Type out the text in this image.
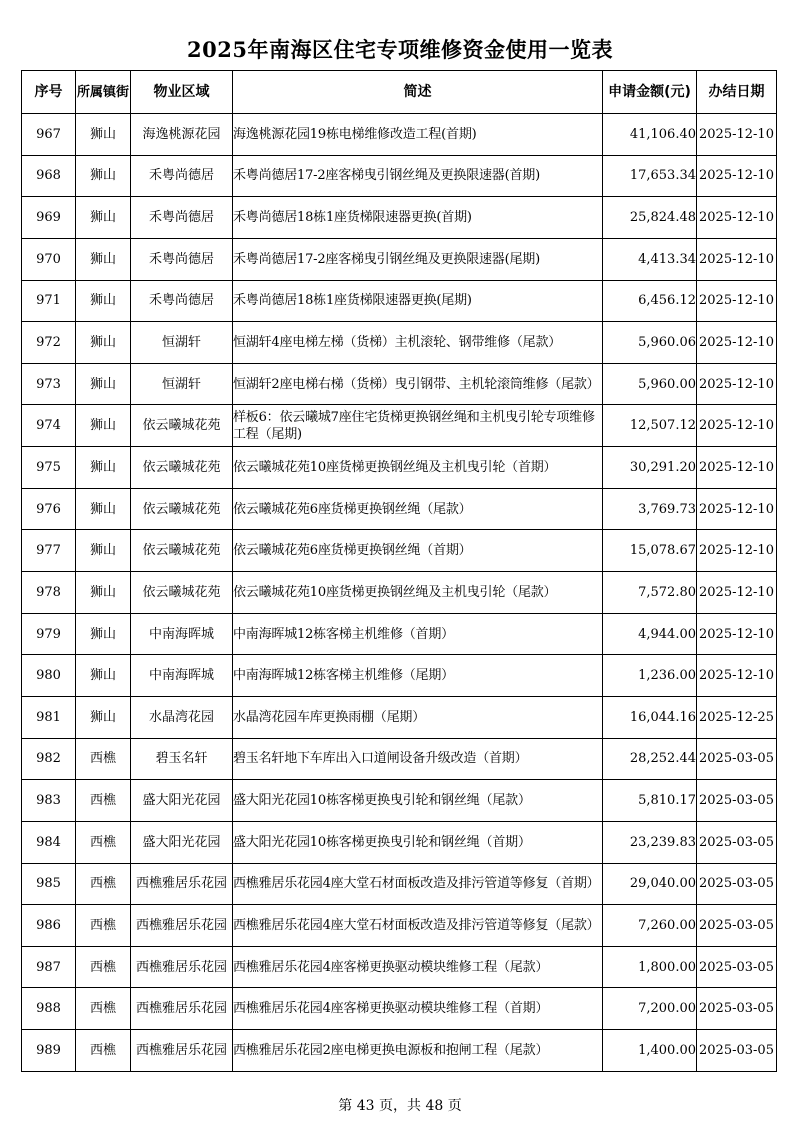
2025年南海区住宅专项维修资金使用一览表
序号	所属镇街	物业区域	简述	申请金额(元)	办结日期
967	狮山	海逸桃源花园	海逸桃源花园19栋电梯维修改造工程(首期)	41,106.40	2025-12-10
968	狮山	禾粤尚德居	禾粤尚德居17-2座客梯曳引钢丝绳及更换限速器(首期)	17,653.34	2025-12-10
969	狮山	禾粤尚德居	禾粤尚德居18栋1座货梯限速器更换(首期)	25,824.48	2025-12-10
970	狮山	禾粤尚德居	禾粤尚德居17-2座客梯曳引钢丝绳及更换限速器(尾期)	4,413.34	2025-12-10
971	狮山	禾粤尚德居	禾粤尚德居18栋1座货梯限速器更换(尾期)	6,456.12	2025-12-10
972	狮山	恒湖轩	恒湖轩4座电梯左梯（货梯）主机滚轮、钢带维修（尾款）	5,960.06	2025-12-10
973	狮山	恒湖轩	恒湖轩2座电梯右梯（货梯）曳引钢带、主机轮滚筒维修（尾款）	5,960.00	2025-12-10
974	狮山	依云曦城花苑	样板6：依云曦城7座住宅货梯更换钢丝绳和主机曳引轮专项维修工程（尾期)	12,507.12	2025-12-10
975	狮山	依云曦城花苑	依云曦城花苑10座货梯更换钢丝绳及主机曳引轮（首期）	30,291.20	2025-12-10
976	狮山	依云曦城花苑	依云曦城花苑6座货梯更换钢丝绳（尾款）	3,769.73	2025-12-10
977	狮山	依云曦城花苑	依云曦城花苑6座货梯更换钢丝绳（首期）	15,078.67	2025-12-10
978	狮山	依云曦城花苑	依云曦城花苑10座货梯更换钢丝绳及主机曳引轮（尾款）	7,572.80	2025-12-10
979	狮山	中南海晖城	中南海晖城12栋客梯主机维修（首期）	4,944.00	2025-12-10
980	狮山	中南海晖城	中南海晖城12栋客梯主机维修（尾期）	1,236.00	2025-12-10
981	狮山	水晶湾花园	水晶湾花园车库更换雨棚（尾期）	16,044.16	2025-12-25
982	西樵	碧玉名轩	碧玉名轩地下车库出入口道闸设备升级改造（首期）	28,252.44	2025-03-05
983	西樵	盛大阳光花园	盛大阳光花园10栋客梯更换曳引轮和钢丝绳（尾款）	5,810.17	2025-03-05
984	西樵	盛大阳光花园	盛大阳光花园10栋客梯更换曳引轮和钢丝绳（首期）	23,239.83	2025-03-05
985	西樵	西樵雅居乐花园	西樵雅居乐花园4座大堂石材面板改造及排污管道等修复（首期）	29,040.00	2025-03-05
986	西樵	西樵雅居乐花园	西樵雅居乐花园4座大堂石材面板改造及排污管道等修复（尾款）	7,260.00	2025-03-05
987	西樵	西樵雅居乐花园	西樵雅居乐花园4座客梯更换驱动模块维修工程（尾款）	1,800.00	2025-03-05
988	西樵	西樵雅居乐花园	西樵雅居乐花园4座客梯更换驱动模块维修工程（首期）	7,200.00	2025-03-05
989	西樵	西樵雅居乐花园	西樵雅居乐花园2座电梯更换电源板和抱闸工程（尾款）	1,400.00	2025-03-05
第 43 页，共 48 页
